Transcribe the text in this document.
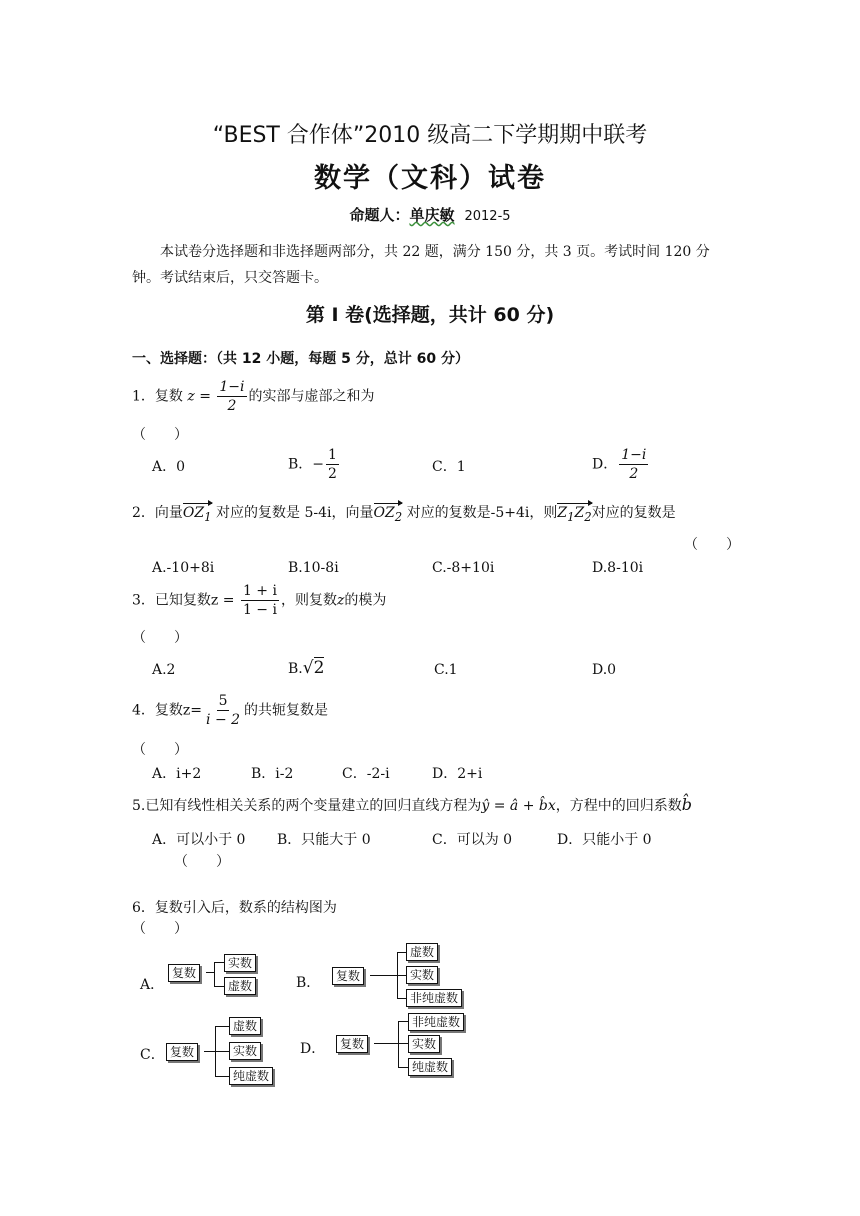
“BEST 合作体”2010 级高二下学期期中联考
数学（文科）试卷
命题人：单庆敏 2012-5
本试卷分选择题和非选择题两部分，共 22 题，满分 150 分，共 3 页。考试时间 120 分钟。考试结束后，只交答题卡。
第 I 卷(选择题，共计 60 分)
一、选择题：（共 12 小题，每题 5 分，总计 60 分）
1．复数 $z = \frac{1-i}{2}$ 的实部与虚部之和为
（　　）
A．0	B．− $\frac{1}{2}$	C．1	D． $\frac{1-i}{2}$
2．向量$OZ_1$ 对应的复数是 5-4i，向量$OZ_2$ 对应的复数是-5+4i，则$Z_1Z_2$对应的复数是
（　　）
A.-10+8i	B.10-8i	C.-8+10i	D.8-10i
3．已知复数$z = \frac{1 + i}{1 - i}$ ，则复数z的模为
（　　）
A.2	B.√2	C.1	D.0
4．复数$z= \frac{5}{i - 2}$ 的共轭复数是
（　　）
A．i+2	B．i-2	C．-2-i	D．2+i
5.已知有线性相关关系的两个变量建立的回归直线方程为ŷ = â + b̂x，方程中的回归系数b̂
A．可以小于 0 B．只能大于 0	C．可以为 0	D．只能小于 0
（　　）
6．复数引入后，数系的结构图为
（　　）
A．
复数
实数
虚数	B．	复数
虚数
实数
非纯虚数
C． 复数
虚数
实数
纯虚数
D．	复数
非纯虚数
实数
纯虚数
